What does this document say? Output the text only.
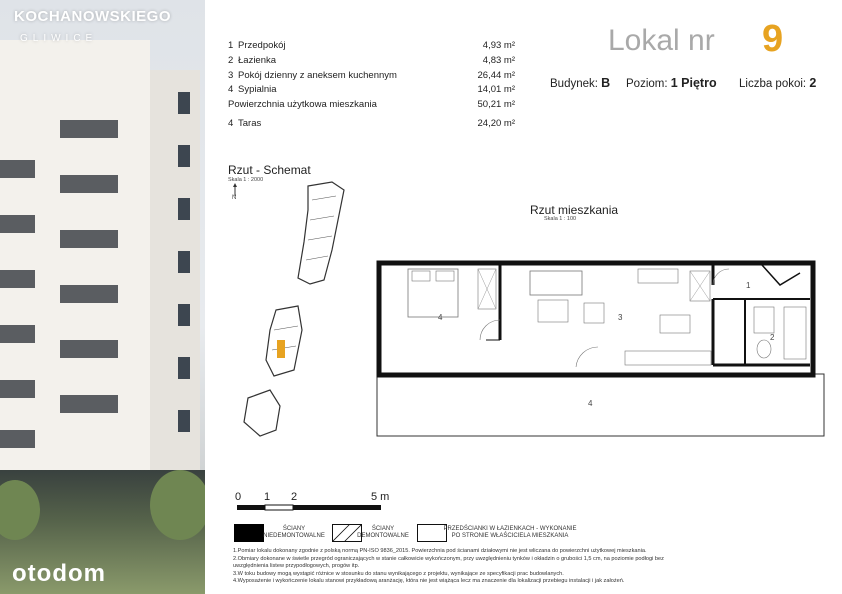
KOCHANOWSKIEGO
GLIWICE
otodom
1 Przedpokój	4,93 m²
2 Łazienka	4,83 m²
3 Pokój dzienny z aneksem kuchennym	26,44 m²
4 Sypialnia	14,01 m²
Powierzchnia użytkowa mieszkania	50,21 m²
4 Taras	24,20 m²
Lokal nr 9
Budynek: B Poziom: 1 Piętro Liczba pokoi: 2
Rzut - Schemat
Skala 1 : 2000
N
Rzut mieszkania
Skala 1 : 100
4	3
1
2
4
0 1 2	5 m
ŚCIANY NIEDEMONTOWALNE
ŚCIANY DEMONTOWALNE
PRZEDŚCIANKI W ŁAZIENKACH - WYKONANIE PO STRONIE WŁAŚCICIELA MIESZKANIA
1.Pomiar lokalu dokonany zgodnie z polską normą PN-ISO 9836_2015. Powierzchnia pod ścianami działowymi nie jest wliczana do powierzchni użytkowej mieszkania.
2.Obmiary dokonane w świetle przegród ograniczających w stanie całkowicie wykończonym, przy uwzględnieniu tynków i okładzin o grubości 1,5 cm, na poziomie podłogi bez uwzględnienia listew przypodłogowych, progów itp.
3.W toku budowy mogą wystąpić różnice w stosunku do stanu wynikającego z projektu, wynikające ze specyfikacji prac budowlanych.
4.Wyposażenie i wykończenie lokalu stanowi przykładową aranżację, która nie jest wiążąca lecz ma znaczenie dla lokalizacji przebiegu instalacji i jak założeń.
